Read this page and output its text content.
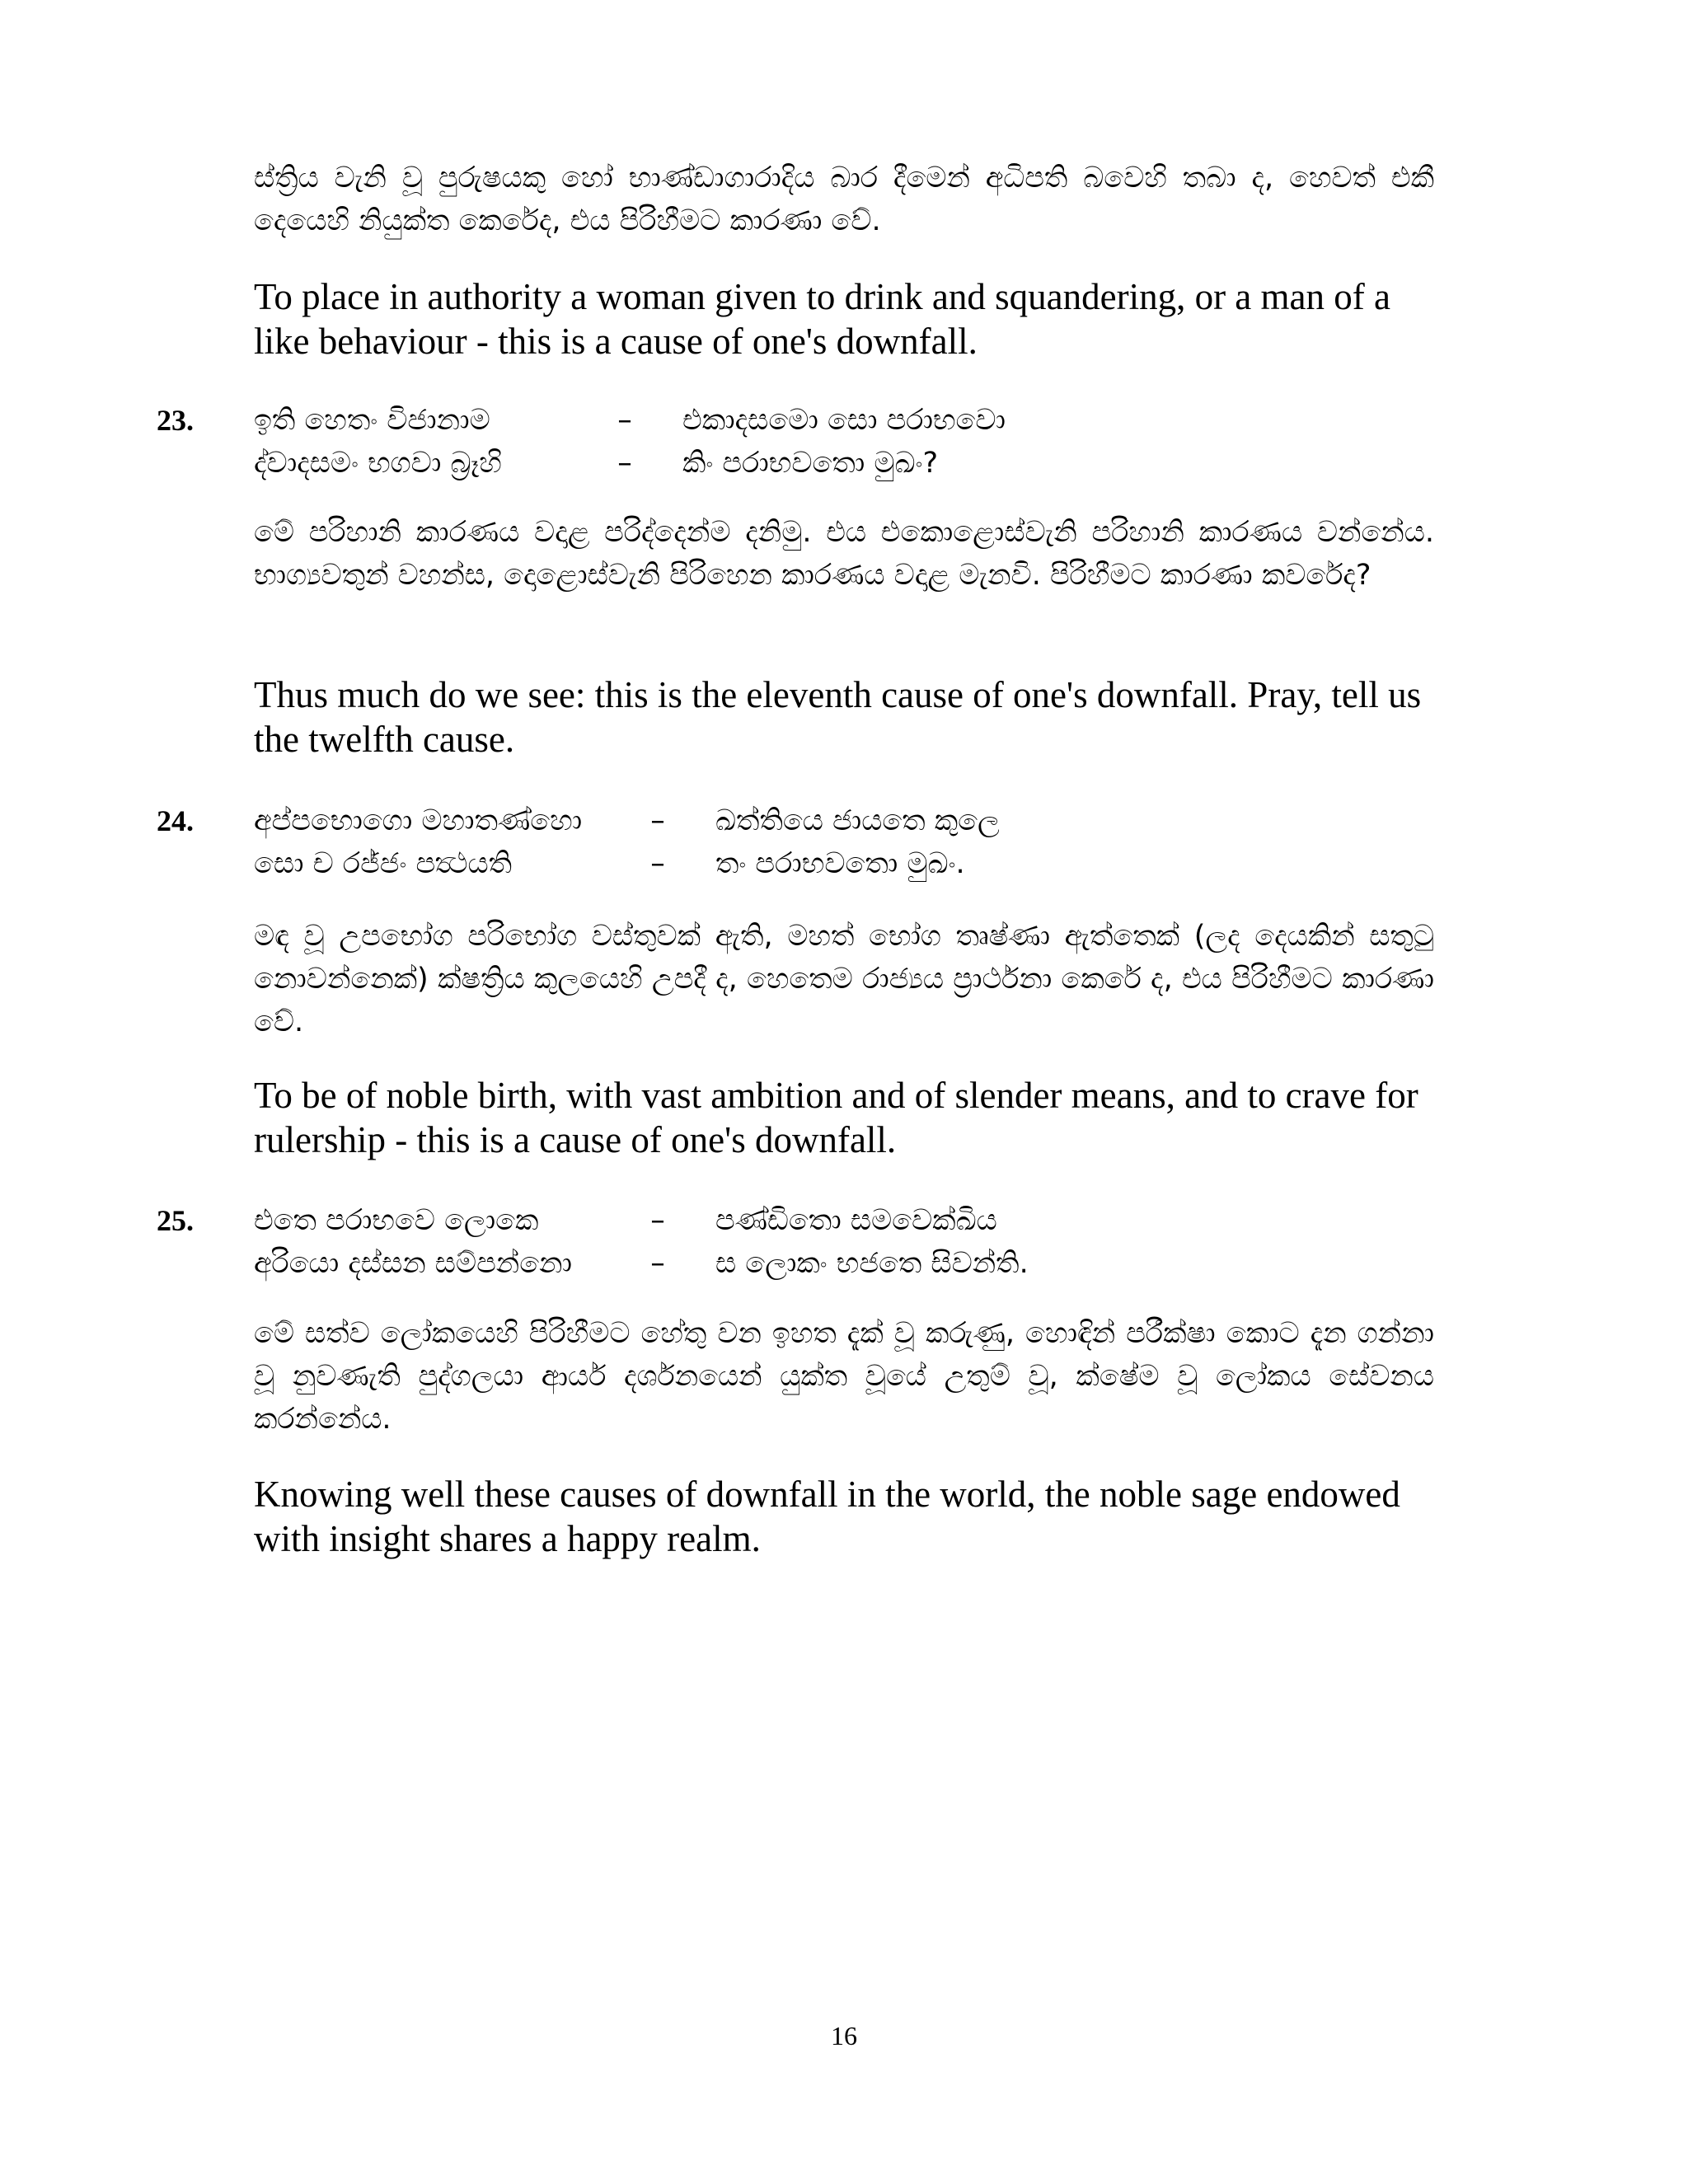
ස්ත්‍රිය වැනි වූ පුරුෂයකු හෝ භාණ්ඩාගාරාදිය බාර දීමෙන් අධිපති බවෙහි තබා ද, හෙවත් එකී දෙයෙහි නියුක්ත කෙරේද, එය පිරිහීමට කාරණා වේ.
To place in authority a woman given to drink and squandering, or a man of a like behaviour - this is a cause of one's downfall.
23. ඉති හෙතං විජානාම	–	එකාදසමො සො පරාභවො
ද්වාදසමං භගවා බ්‍රෑහි	–	කිං පරාභවතො මුඛං?
මේ පරිහානි කාරණය වදාළ පරිද්දෙන්ම දනිමු. එය එකොළොස්වැනි පරිහානි කාරණය වන්නේය. භාග්‍යවතුන් වහන්ස, දොළොස්වැනි පිරිහෙන කාරණය වදාළ මැනවි. පිරිහීමට කාරණා කවරේද?
Thus much do we see: this is the eleventh cause of one's downfall. Pray, tell us the twelfth cause.
24. අප්පභොගො මහාතණ්හො	–	ඛත්තියෙ ජායතෙ කුලෙ
සො ච රජ්ජං පත්‍ථයති	–	තං පරාභවතො මුඛං.
මඳ වූ උපභෝග පරිභෝග වස්තුවක් ඇති, මහත් භෝග තෘෂ්ණා ඇත්තෙක් (ලද දෙයකින් සතුටු නොවන්නෙක්) ක්ෂත්‍රිය කුලයෙහි උපදී ද, හෙතෙම රාජ්‍යය ප්‍රාර්ථනා කෙරේ ද, එය පිරිහීමට කාරණා වේ.
To be of noble birth, with vast ambition and of slender means, and to crave for rulership - this is a cause of one's downfall.
25. එතෙ පරාභවෙ ලොකෙ	–	පණ්ඩිතො සමවෙක්ඛිය
අරියො දස්සන සම්පන්නො	–	ස ලොකං භජතෙ සිවන්ති.
මේ සත්ව ලෝකයෙහි පිරිහීමට හේතු වන ඉහත දැක් වූ කරුණු, හොඳින් පරීක්ෂා කොට දැන ගන්නා වූ නුවණැති පුද්ගලයා ආර්ය දර්ශනයෙන් යුක්ත වූයේ උතුම් වූ, ක්ෂේම වූ ලෝකය සේවනය කරන්නේය.
Knowing well these causes of downfall in the world, the noble sage endowed with insight shares a happy realm.
16
